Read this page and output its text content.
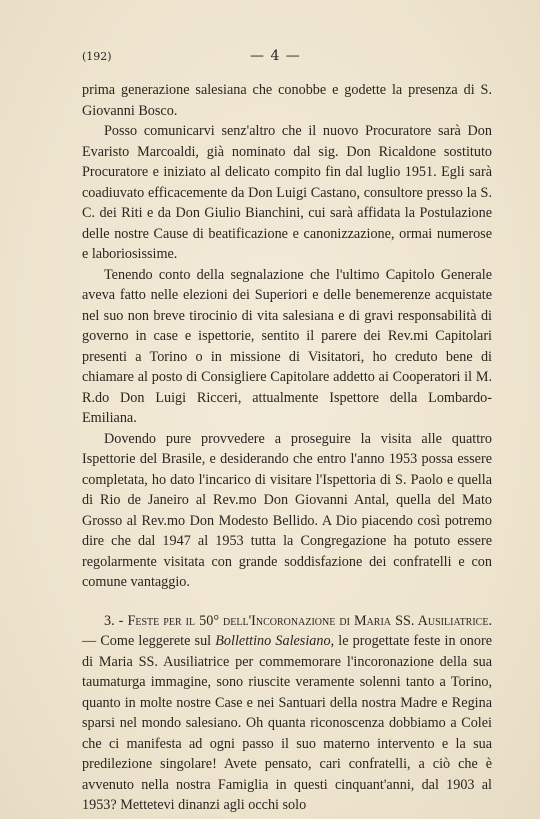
(192)	— 4 —

prima generazione salesiana che conobbe e godette la presenza di S. Giovanni Bosco.

Posso comunicarvi senz'altro che il nuovo Procuratore sarà Don Evaristo Marcoaldi, già nominato dal sig. Don Ricaldone sostituto Procuratore e iniziato al delicato compito fin dal luglio 1951. Egli sarà coadiuvato efficacemente da Don Luigi Castano, consultore presso la S. C. dei Riti e da Don Giulio Bianchini, cui sarà affidata la Postulazione delle nostre Cause di beatificazione e canonizzazione, ormai numerose e laboriosissime.

Tenendo conto della segnalazione che l'ultimo Capitolo Generale aveva fatto nelle elezioni dei Superiori e delle benemerenze acquistate nel suo non breve tirocinio di vita salesiana e di gravi responsabilità di governo in case e ispettorie, sentito il parere dei Rev.mi Capitolari presenti a Torino o in missione di Visitatori, ho creduto bene di chiamare al posto di Consigliere Capitolare addetto ai Cooperatori il M. R.do Don Luigi Ricceri, attualmente Ispettore della Lombardo-Emiliana.

Dovendo pure provvedere a proseguire la visita alle quattro Ispettorie del Brasile, e desiderando che entro l'anno 1953 possa essere completata, ho dato l'incarico di visitare l'Ispettoria di S. Paolo e quella di Rio de Janeiro al Rev.mo Don Giovanni Antal, quella del Mato Grosso al Rev.mo Don Modesto Bellido. A Dio piacendo così potremo dire che dal 1947 al 1953 tutta la Congregazione ha potuto essere regolarmente visitata con grande soddisfazione dei confratelli e con comune vantaggio.

3. - Feste per il 50° dell'Incoronazione di Maria SS. Ausiliatrice. — Come leggerete sul Bollettino Salesiano, le progettate feste in onore di Maria SS. Ausiliatrice per commemorare l'incoronazione della sua taumaturga immagine, sono riuscite veramente solenni tanto a Torino, quanto in molte nostre Case e nei Santuari della nostra Madre e Regina sparsi nel mondo salesiano. Oh quanta riconoscenza dobbiamo a Colei che ci manifesta ad ogni passo il suo materno intervento e la sua predilezione singolare! Avete pensato, cari confratelli, a ciò che è avvenuto nella nostra Famiglia in questi cinquant'anni, dal 1903 al 1953? Mettetevi dinanzi agli occhi solo
